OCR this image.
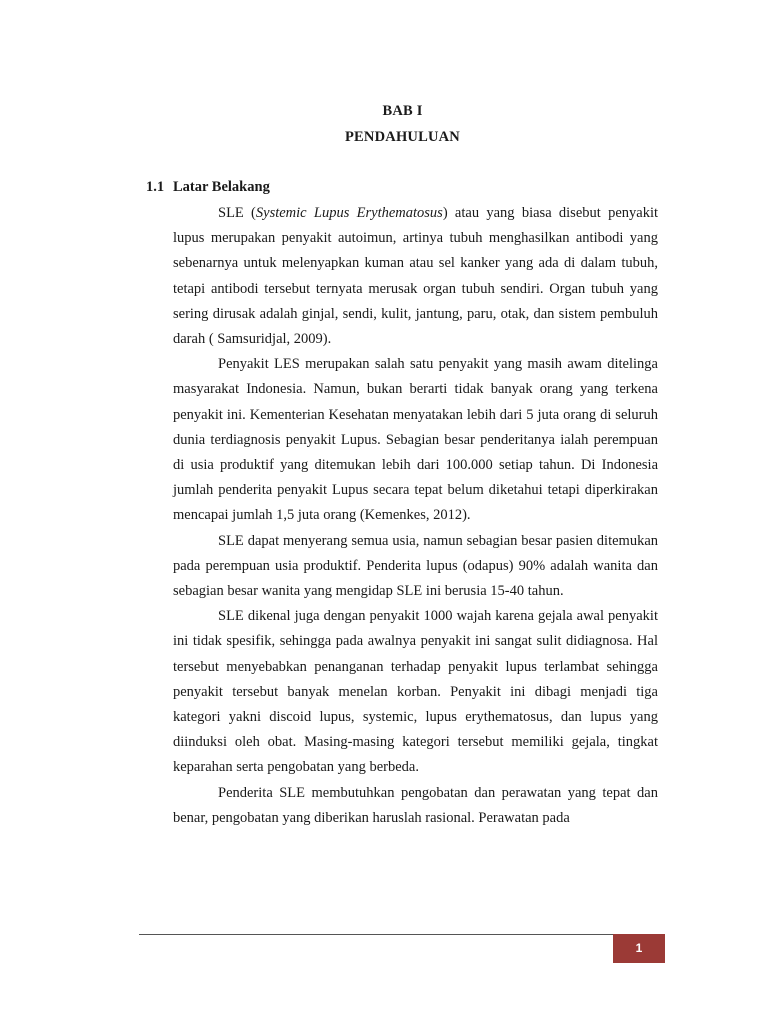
BAB I
PENDAHULUAN
1.1 Latar Belakang

SLE (Systemic Lupus Erythematosus) atau yang biasa disebut penyakit lupus merupakan penyakit autoimun, artinya tubuh menghasilkan antibodi yang sebenarnya untuk melenyapkan kuman atau sel kanker yang ada di dalam tubuh, tetapi antibodi tersebut ternyata merusak organ tubuh sendiri. Organ tubuh yang sering dirusak adalah ginjal, sendi, kulit, jantung, paru, otak, dan sistem pembuluh darah ( Samsuridjal, 2009).

Penyakit LES merupakan salah satu penyakit yang masih awam ditelinga masyarakat Indonesia. Namun, bukan berarti tidak banyak orang yang terkena penyakit ini. Kementerian Kesehatan menyatakan lebih dari 5 juta orang di seluruh dunia terdiagnosis penyakit Lupus. Sebagian besar penderitanya ialah perempuan di usia produktif yang ditemukan lebih dari 100.000 setiap tahun. Di Indonesia jumlah penderita penyakit Lupus secara tepat belum diketahui tetapi diperkirakan mencapai jumlah 1,5 juta orang (Kemenkes, 2012).

SLE dapat menyerang semua usia, namun sebagian besar pasien ditemukan pada perempuan usia produktif. Penderita lupus (odapus) 90% adalah wanita dan sebagian besar wanita yang mengidap SLE ini berusia 15-40 tahun.

SLE dikenal juga dengan penyakit 1000 wajah karena gejala awal penyakit ini tidak spesifik, sehingga pada awalnya penyakit ini sangat sulit didiagnosa. Hal tersebut menyebabkan penanganan terhadap penyakit lupus terlambat sehingga penyakit tersebut banyak menelan korban. Penyakit ini dibagi menjadi tiga kategori yakni discoid lupus, systemic, lupus erythematosus, dan lupus yang diinduksi oleh obat. Masing-masing kategori tersebut memiliki gejala, tingkat keparahan serta pengobatan yang berbeda.

Penderita SLE membutuhkan pengobatan dan perawatan yang tepat dan benar, pengobatan yang diberikan haruslah rasional. Perawatan pada

1
